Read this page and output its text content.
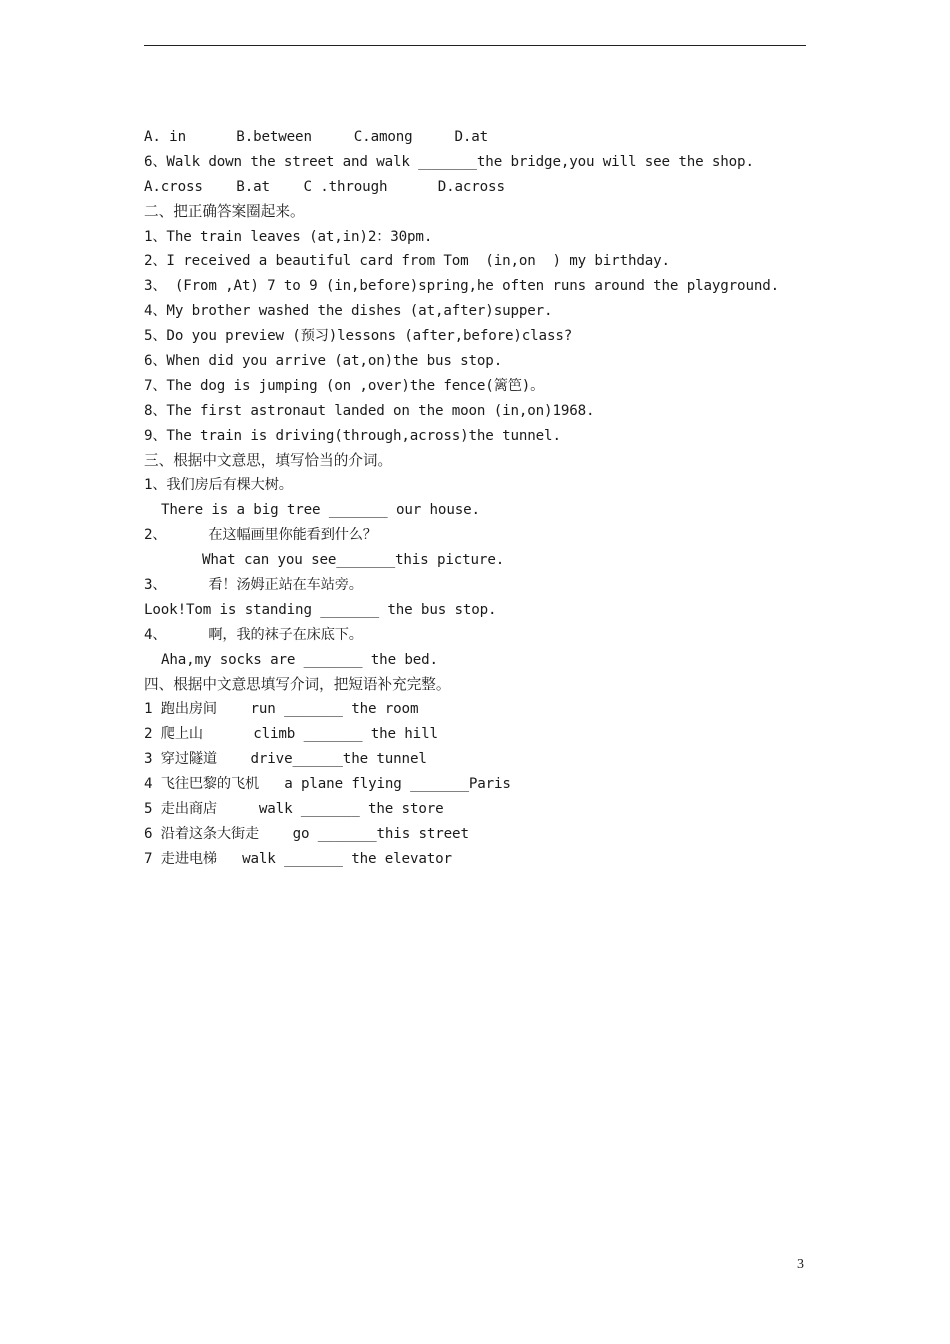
A. in      B.between     C.among     D.at
6、Walk down the street and walk _______the bridge,you will see the shop.
A.cross    B.at    C .through      D.across
二、把正确答案圈起来。
1、The train leaves (at,in)2：30pm.
2、I received a beautiful card from Tom  (in,on  ) my birthday.
3、 (From ,At) 7 to 9 (in,before)spring,he often runs around the playground.
4、My brother washed the dishes (at,after)supper.
5、Do you preview (预习)lessons (after,before)class?
6、When did you arrive (at,on)the bus stop.
7、The dog is jumping (on ,over)the fence(篱笆)。
8、The first astronaut landed on the moon (in,on)1968.
9、The train is driving(through,across)the tunnel.
三、根据中文意思，填写恰当的介词。
1、我们房后有棵大树。
There is a big tree _______ our house.
2、     在这幅画里你能看到什么？
What can you see_______this picture.
3、     看！汤姆正站在车站旁。
Look!Tom is standing _______ the bus stop.
4、     啊，我的袜子在床底下。
Aha,my socks are _______ the bed.
四、根据中文意思填写介词，把短语补充完整。
1 跑出房间    run _______ the room
2 爬上山      climb _______ the hill
3 穿过隧道    drive______the tunnel
4 飞往巴黎的飞机   a plane flying _______Paris
5 走出商店     walk _______ the store
6 沿着这条大街走    go _______this street
7 走进电梯   walk _______ the elevator
3
